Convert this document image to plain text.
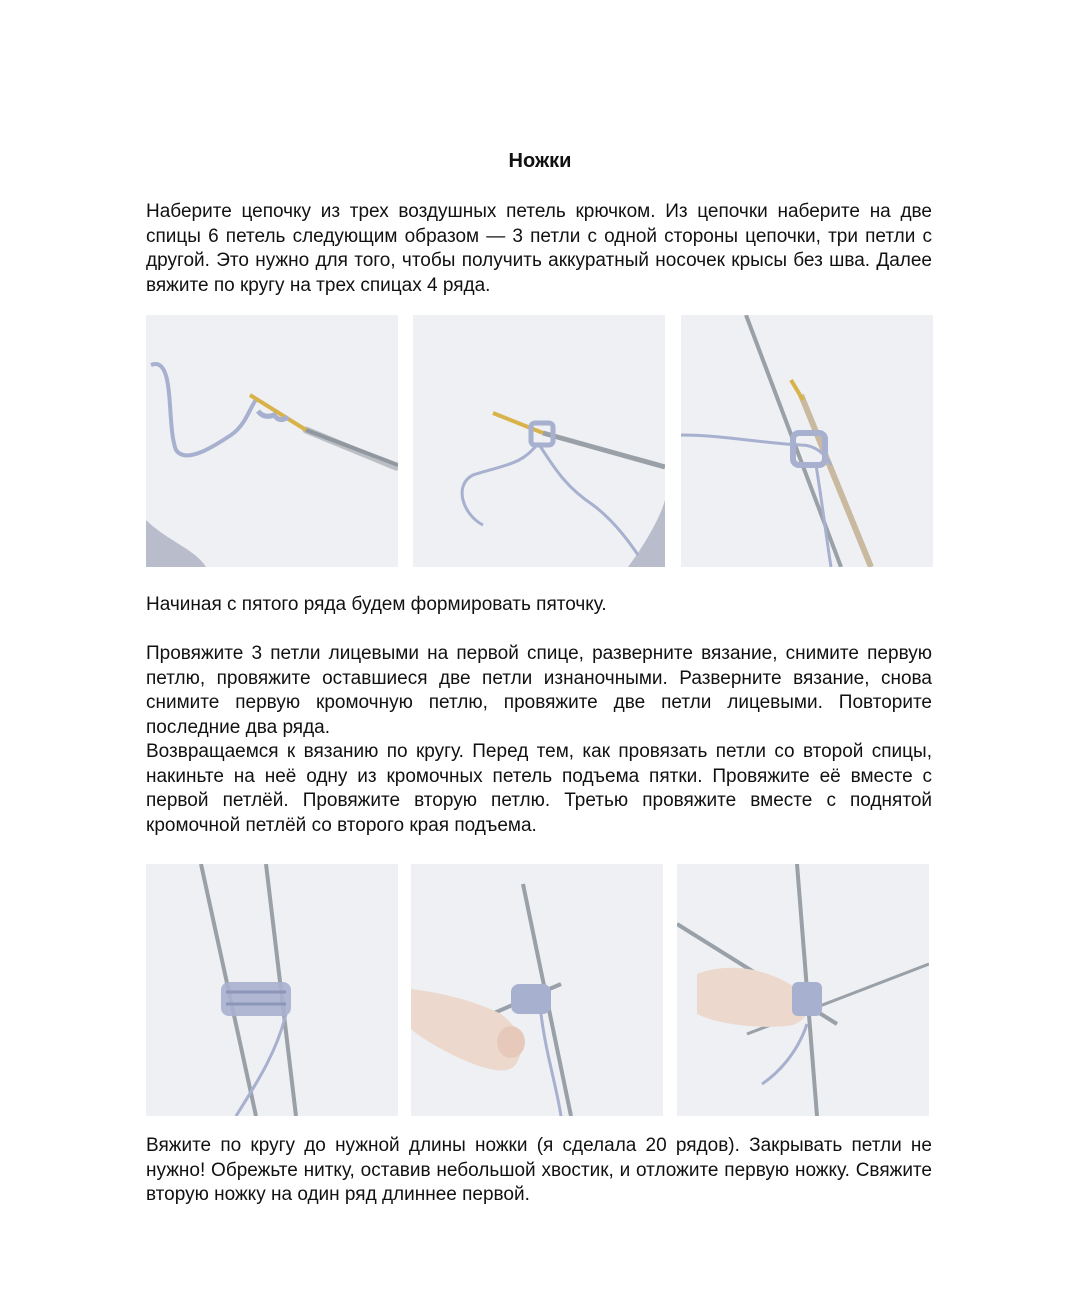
Ножки

Наберите цепочку из трех воздушных петель крючком. Из цепочки наберите на две спицы 6 петель следующим образом — 3 петли с одной стороны цепочки, три петли с другой. Это нужно для того, чтобы получить аккуратный носочек крысы без шва. Далее вяжите по кругу на трех спицах 4 ряда.

Начиная с пятого ряда будем формировать пяточку.

Провяжите 3 петли лицевыми на первой спице, разверните вязание, снимите первую петлю, провяжите оставшиеся две петли изнаночными. Разверните вязание, снова снимите первую кромочную петлю, провяжите две петли лицевыми. Повторите последние два ряда.

Возвращаемся к вязанию по кругу. Перед тем, как провязать петли со второй спицы, накиньте на неё одну из кромочных петель подъема пятки. Провяжите её вместе с первой петлёй. Провяжите вторую петлю. Третью провяжите вместе с поднятой кромочной петлёй со второго края подъема.

Вяжите по кругу до нужной длины ножки (я сделала 20 рядов). Закрывать петли не нужно! Обрежьте нитку, оставив небольшой хвостик, и отложите первую ножку. Свяжите вторую ножку на один ряд длиннее первой.
